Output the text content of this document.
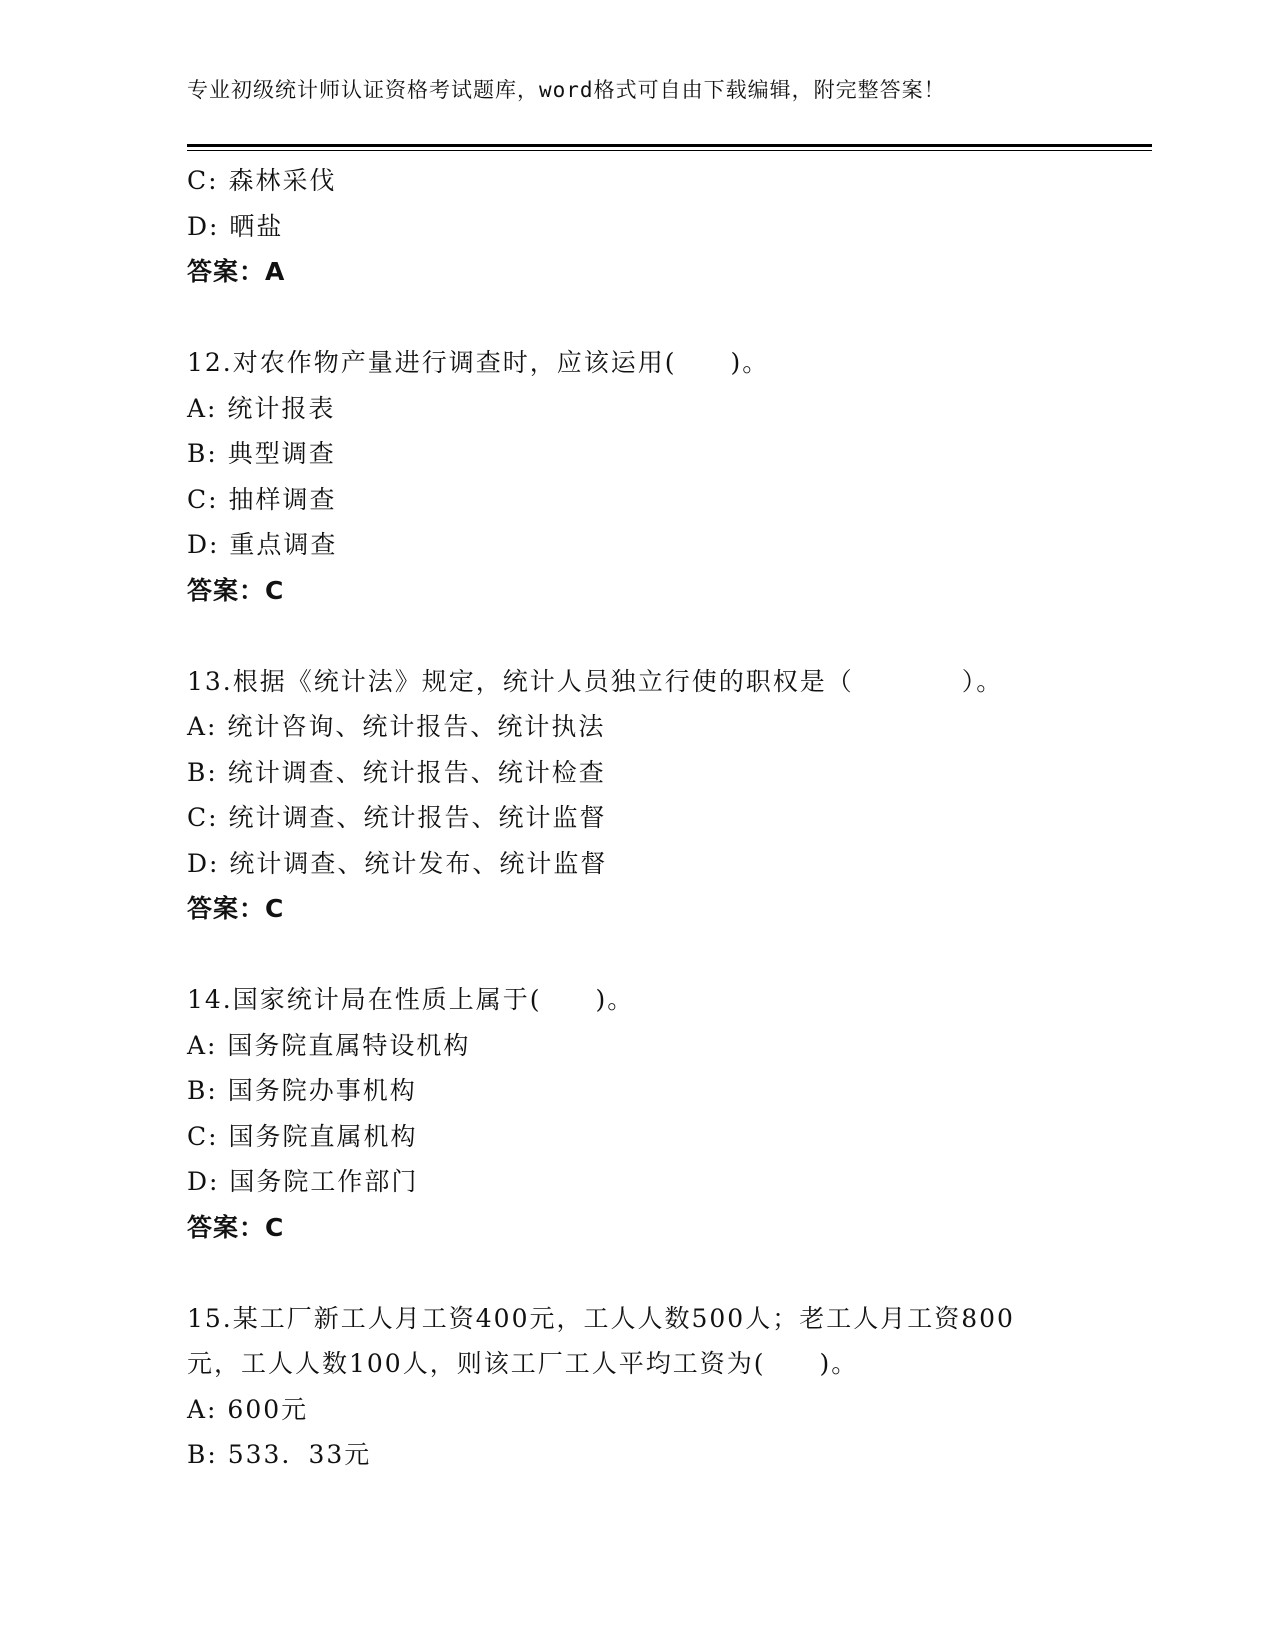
专业初级统计师认证资格考试题库，word格式可自由下载编辑，附完整答案！
C: 森林采伐
D: 晒盐
答案：A
12.对农作物产量进行调查时，应该运用(　　)。
A: 统计报表
B: 典型调查
C: 抽样调查
D: 重点调查
答案：C
13.根据《统计法》规定，统计人员独立行使的职权是（　　　　）。
A: 统计咨询、统计报告、统计执法
B: 统计调查、统计报告、统计检查
C: 统计调查、统计报告、统计监督
D: 统计调查、统计发布、统计监督
答案：C
14.国家统计局在性质上属于(　　)。
A: 国务院直属特设机构
B: 国务院办事机构
C: 国务院直属机构
D: 国务院工作部门
答案：C
15.某工厂新工人月工资400元，工人人数500人；老工人月工资800
元，工人人数100人，则该工厂工人平均工资为(　　)。
A: 600元
B: 533．33元
